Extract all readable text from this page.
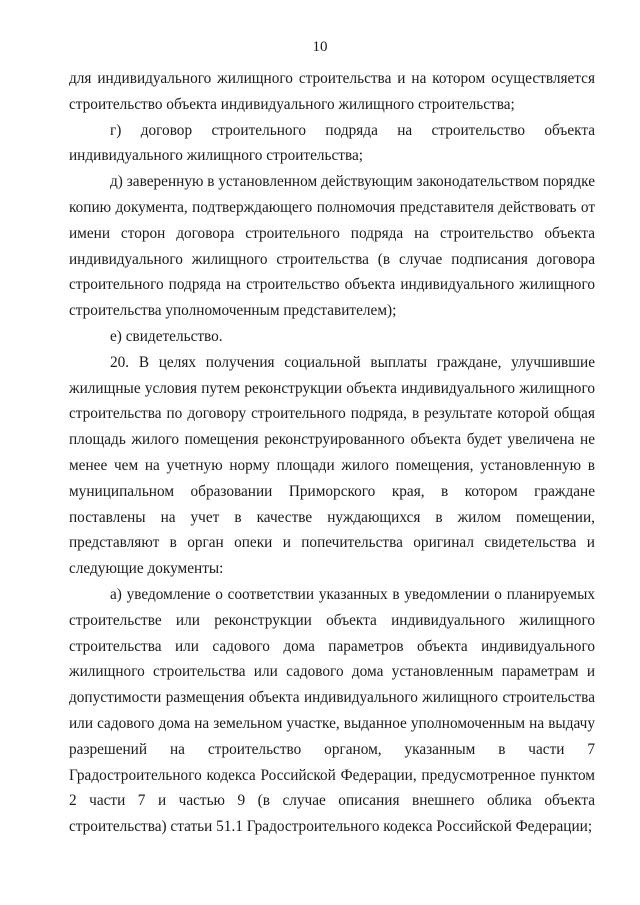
10

для индивидуального жилищного строительства и на котором осуществляется строительство объекта индивидуального жилищного строительства;

г) договор строительного подряда на строительство объекта индивидуального жилищного строительства;

д) заверенную в установленном действующим законодательством порядке копию документа, подтверждающего полномочия представителя действовать от имени сторон договора строительного подряда на строительство объекта индивидуального жилищного строительства (в случае подписания договора строительного подряда на строительство объекта индивидуального жилищного строительства уполномоченным представителем);

е) свидетельство.

20. В целях получения социальной выплаты граждане, улучшившие жилищные условия путем реконструкции объекта индивидуального жилищного строительства по договору строительного подряда, в результате которой общая площадь жилого помещения реконструированного объекта будет увеличена не менее чем на учетную норму площади жилого помещения, установленную в муниципальном образовании Приморского края, в котором граждане поставлены на учет в качестве нуждающихся в жилом помещении, представляют в орган опеки и попечительства оригинал свидетельства и следующие документы:

а) уведомление о соответствии указанных в уведомлении о планируемых строительстве или реконструкции объекта индивидуального жилищного строительства или садового дома параметров объекта индивидуального жилищного строительства или садового дома установленным параметрам и допустимости размещения объекта индивидуального жилищного строительства или садового дома на земельном участке, выданное уполномоченным на выдачу разрешений на строительство органом, указанным в части 7 Градостроительного кодекса Российской Федерации, предусмотренное пунктом 2 части 7 и частью 9 (в случае описания внешнего облика объекта строительства) статьи 51.1 Градостроительного кодекса Российской Федерации;
